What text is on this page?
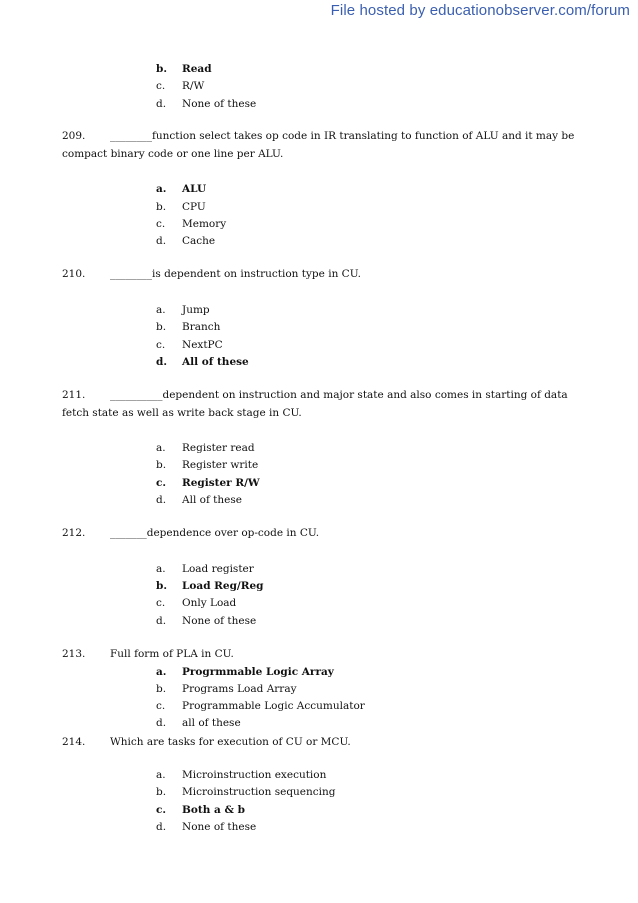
File hosted by educationobserver.com/forum
b. Read
c. R/W
d. None of these
209. ________function select takes op code in IR translating to function of ALU and it may be compact binary code or one line per ALU.
a. ALU
b. CPU
c. Memory
d. Cache
210. ________is dependent on instruction type in CU.
a. Jump
b. Branch
c. NextPC
d. All of these
211. __________dependent on instruction and major state and also comes in starting of data fetch state as well as write back stage in CU.
a. Register read
b. Register write
c. Register R/W
d. All of these
212. _______dependence over op-code in CU.
a. Load register
b. Load Reg/Reg
c. Only Load
d. None of these
213. Full form of PLA in CU.
a. Progrmmable Logic Array
b. Programs Load Array
c. Programmable Logic Accumulator
d. all of these
214. Which are tasks for execution of CU or MCU.
a. Microinstruction execution
b. Microinstruction sequencing
c. Both a & b
d. None of these
